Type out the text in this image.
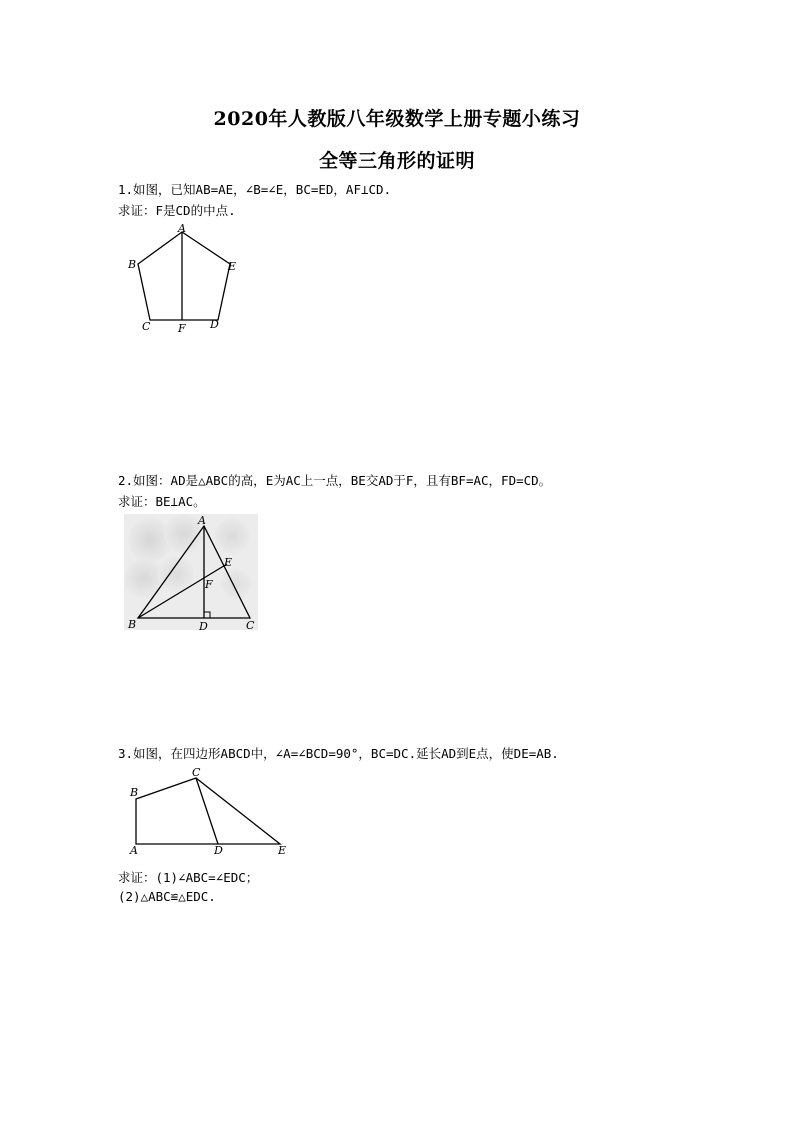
2020年人教版八年级数学上册专题小练习
全等三角形的证明
1.如图，已知AB=AE，∠B=∠E，BC=ED，AF⊥CD.
求证：F是CD的中点.
A
B	E
C	F D
2.如图：AD是△ABC的高，E为AC上一点，BE交AD于F，且有BF=AC，FD=CD。
求证：BE⊥AC。
A
E
F
B	D	C
3.如图，在四边形ABCD中，∠A=∠BCD=90°，BC=DC.延长AD到E点，使DE=AB.
C
B
A	D	E
求证：(1)∠ABC=∠EDC；
(2)△ABC≌△EDC.
